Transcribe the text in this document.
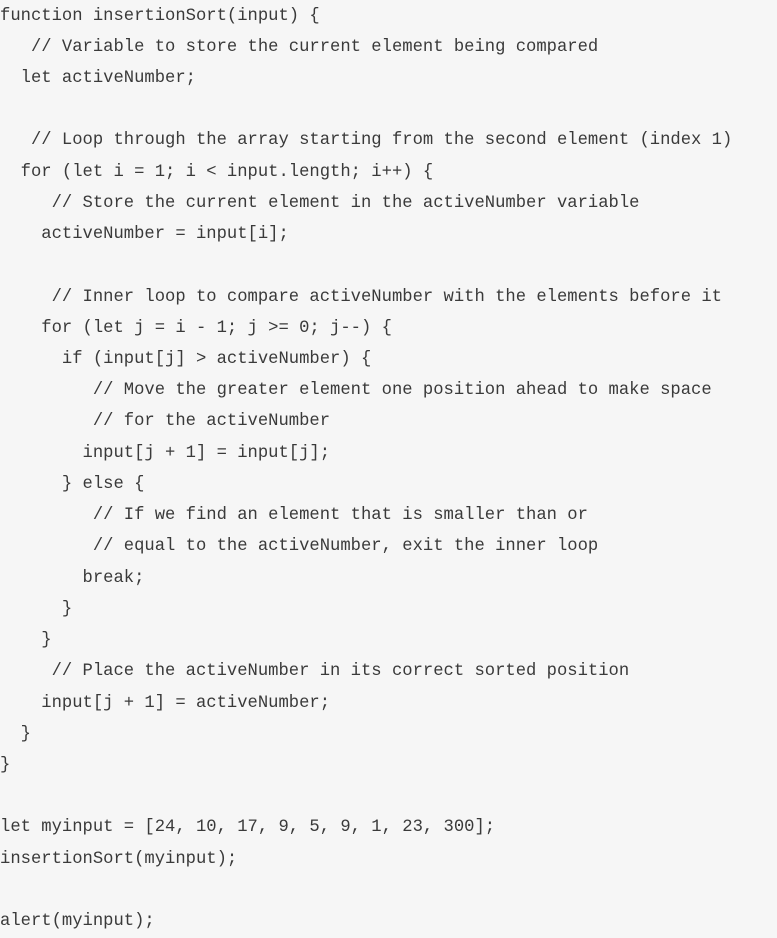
function insertionSort(input) {
// Variable to store the current element being compared
let activeNumber;
// Loop through the array starting from the second element (index 1)
for (let i = 1; i < input.length; i++) {
// Store the current element in the activeNumber variable
activeNumber = input[i];
// Inner loop to compare activeNumber with the elements before it
for (let j = i - 1; j >= 0; j--) {
if (input[j] > activeNumber) {
// Move the greater element one position ahead to make space
// for the activeNumber
input[j + 1] = input[j];
} else {
// If we find an element that is smaller than or
// equal to the activeNumber, exit the inner loop
break;
}
}
// Place the activeNumber in its correct sorted position
input[j + 1] = activeNumber;
}
}
let myinput = [24, 10, 17, 9, 5, 9, 1, 23, 300];
insertionSort(myinput);
alert(myinput);
